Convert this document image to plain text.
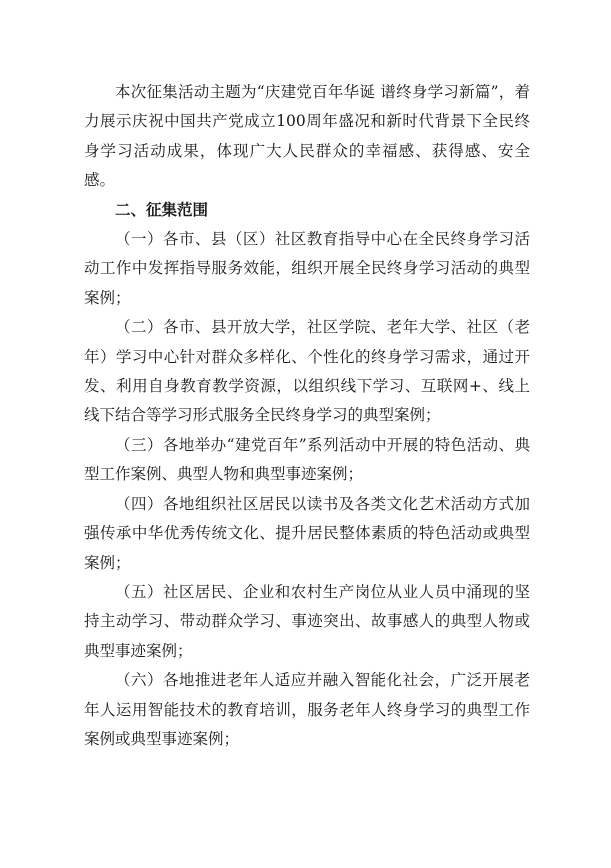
本次征集活动主题为“庆建党百年华诞 谱终身学习新篇”，着力展示庆祝中国共产党成立100周年盛况和新时代背景下全民终身学习活动成果，体现广大人民群众的幸福感、获得感、安全感。

二、征集范围

（一）各市、县（区）社区教育指导中心在全民终身学习活动工作中发挥指导服务效能，组织开展全民终身学习活动的典型案例；

（二）各市、县开放大学，社区学院、老年大学、社区（老年）学习中心针对群众多样化、个性化的终身学习需求，通过开发、利用自身教育教学资源，以组织线下学习、互联网+、线上线下结合等学习形式服务全民终身学习的典型案例；

（三）各地举办“建党百年”系列活动中开展的特色活动、典型工作案例、典型人物和典型事迹案例；

（四）各地组织社区居民以读书及各类文化艺术活动方式加强传承中华优秀传统文化、提升居民整体素质的特色活动或典型案例；

（五）社区居民、企业和农村生产岗位从业人员中涌现的坚持主动学习、带动群众学习、事迹突出、故事感人的典型人物或典型事迹案例；

（六）各地推进老年人适应并融入智能化社会，广泛开展老年人运用智能技术的教育培训，服务老年人终身学习的典型工作案例或典型事迹案例；
